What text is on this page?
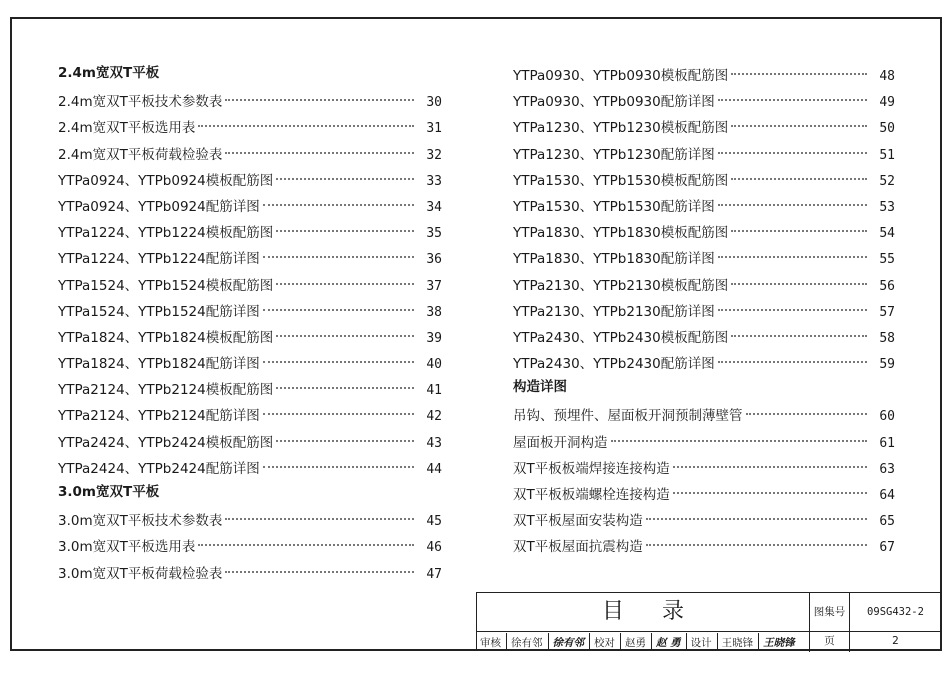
2.4m宽双T平板
2.4m宽双T平板技术参数表	30
2.4m宽双T平板选用表	31
2.4m宽双T平板荷载检验表	32
YTPa0924、YTPb0924模板配筋图	33
YTPa0924、YTPb0924配筋详图	34
YTPa1224、YTPb1224模板配筋图	35
YTPa1224、YTPb1224配筋详图	36
YTPa1524、YTPb1524模板配筋图	37
YTPa1524、YTPb1524配筋详图	38
YTPa1824、YTPb1824模板配筋图	39
YTPa1824、YTPb1824配筋详图	40
YTPa2124、YTPb2124模板配筋图	41
YTPa2124、YTPb2124配筋详图	42
YTPa2424、YTPb2424模板配筋图	43
YTPa2424、YTPb2424配筋详图	44
3.0m宽双T平板
3.0m宽双T平板技术参数表	45
3.0m宽双T平板选用表	46
3.0m宽双T平板荷载检验表	47
YTPa0930、YTPb0930模板配筋图	48
YTPa0930、YTPb0930配筋详图	49
YTPa1230、YTPb1230模板配筋图	50
YTPa1230、YTPb1230配筋详图	51
YTPa1530、YTPb1530模板配筋图	52
YTPa1530、YTPb1530配筋详图	53
YTPa1830、YTPb1830模板配筋图	54
YTPa1830、YTPb1830配筋详图	55
YTPa2130、YTPb2130模板配筋图	56
YTPa2130、YTPb2130配筋详图	57
YTPa2430、YTPb2430模板配筋图	58
YTPa2430、YTPb2430配筋详图	59
构造详图
吊钩、预埋件、屋面板开洞预制薄壁管	60
屋面板开洞构造	61
双T平板板端焊接连接构造	63
双T平板板端螺栓连接构造	64
双T平板屋面安装构造	65
双T平板屋面抗震构造	67
目录	图集号	09SG432-2
审核 徐有邻 徐有邻 校对 赵勇 赵 勇 设计 王晓锋 王晓锋	页	2
